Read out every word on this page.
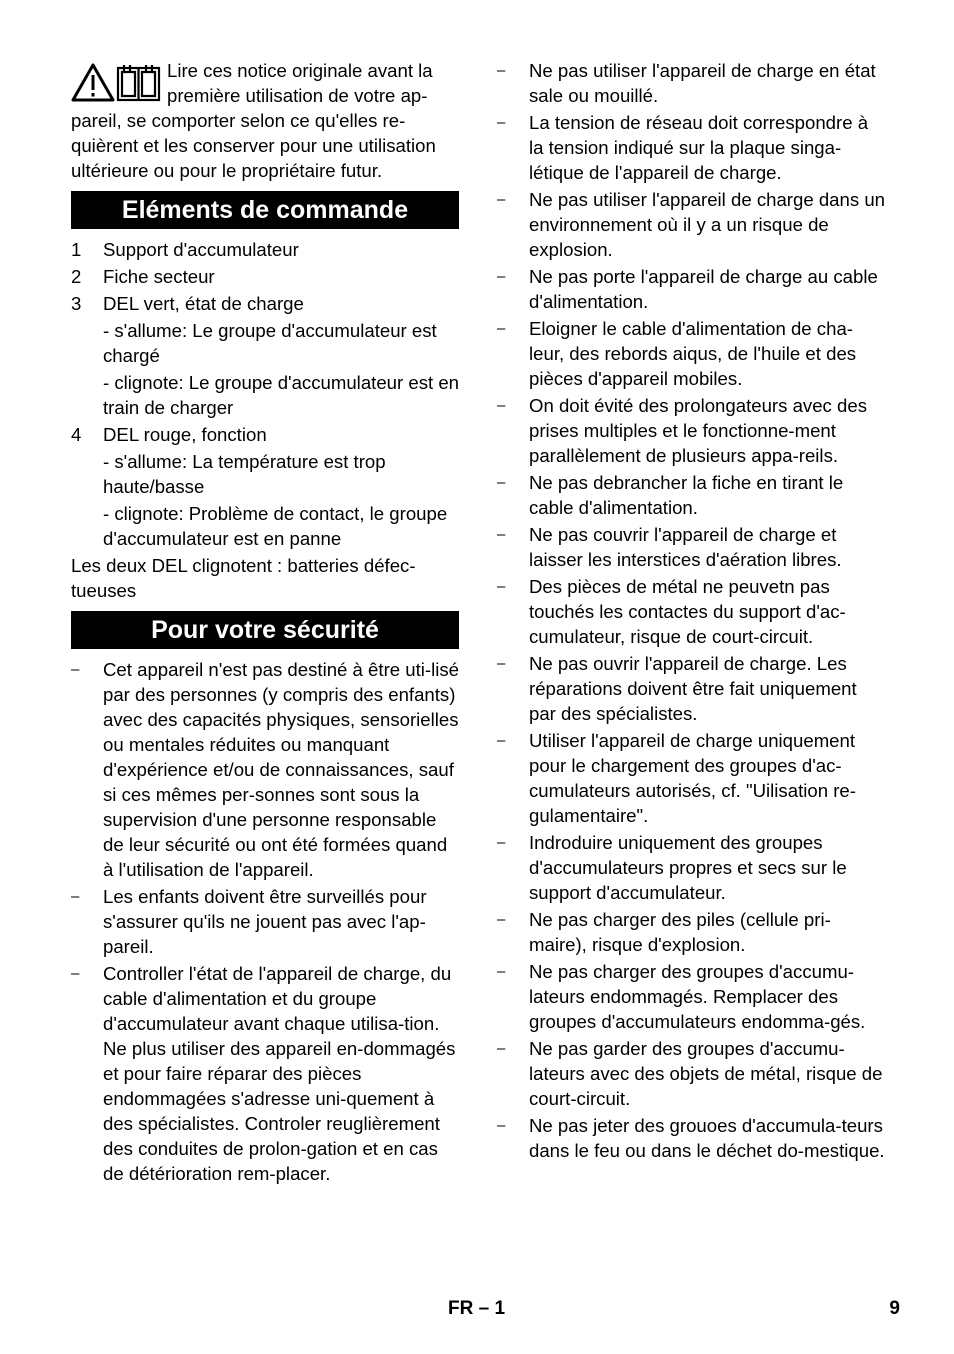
Lire ces notice originale avant la première utilisation de votre ap-pareil, se comporter selon ce qu'elles re-quièrent et les conserver pour une utilisation ultérieure ou pour le propriétaire futur.
Eléments de commande
1	Support d'accumulateur
2	Fiche secteur
3	DEL vert, état de charge
- s'allume: Le groupe d'accumulateur est chargé
- clignote: Le groupe d'accumulateur est en train de charger
4	DEL rouge, fonction
- s'allume: La température est trop haute/basse
- clignote: Problème de contact, le groupe d'accumulateur est en panne
Les deux DEL clignotent : batteries défec-tueuses
Pour votre sécurité
–	Cet appareil n'est pas destiné à être uti-lisé par des personnes (y compris des enfants) avec des capacités physiques, sensorielles ou mentales réduites ou manquant d'expérience et/ou de connaissances, sauf si ces mêmes per-sonnes sont sous la supervision d'une personne responsable de leur sécurité ou ont été formées quand à l'utilisation de l'appareil.
–	Les enfants doivent être surveillés pour s'assurer qu'ils ne jouent pas avec l'ap-pareil.
–	Controller l'état de l'appareil de charge, du cable d'alimentation et du groupe d'accumulateur avant chaque utilisa-tion. Ne plus utiliser des appareil en-dommagés et pour faire réparar des pièces endommagées s'adresse uni-quement à des spécialistes. Controler reuglièrement des conduites de prolon-gation et en cas de détérioration rem-placer.
–	Ne pas utiliser l'appareil de charge en état sale ou mouillé.
–	La tension de réseau doit correspondre à la tension indiqué sur la plaque singa-létique de l'appareil de charge.
–	Ne pas utiliser l'appareil de charge dans un environnement où il y a un risque de explosion.
–	Ne pas porte l'appareil de charge au cable d'alimentation.
–	Eloigner le cable d'alimentation de cha-leur, des rebords aiqus, de l'huile et des pièces d'appareil mobiles.
–	On doit évité des prolongateurs avec des prises multiples et le fonctionne-ment parallèlement de plusieurs appa-reils.
–	Ne pas debrancher la fiche en tirant le cable d'alimentation.
–	Ne pas couvrir l'appareil de charge et laisser les interstices d'aération libres.
–	Des pièces de métal ne peuvetn pas touchés les contactes du support d'ac-cumulateur, risque de court-circuit.
–	Ne pas ouvrir l'appareil de charge. Les réparations doivent être fait uniquement par des spécialistes.
–	Utiliser l'appareil de charge uniquement pour le chargement des groupes d'ac-cumulateurs autorisés, cf. "Uilisation re-gulamentaire".
–	Indroduire uniquement des groupes d'accumulateurs propres et secs sur le support d'accumulateur.
–	Ne pas charger des piles (cellule pri-maire), risque d'explosion.
–	Ne pas charger des groupes d'accumu-lateurs endommagés. Remplacer des groupes d'accumulateurs endomma-gés.
–	Ne pas garder des groupes d'accumu-lateurs avec des objets de métal, risque de court-circuit.
–	Ne pas jeter des grouoes d'accumula-teurs dans le feu ou dans le déchet do-mestique.
FR – 1	9
